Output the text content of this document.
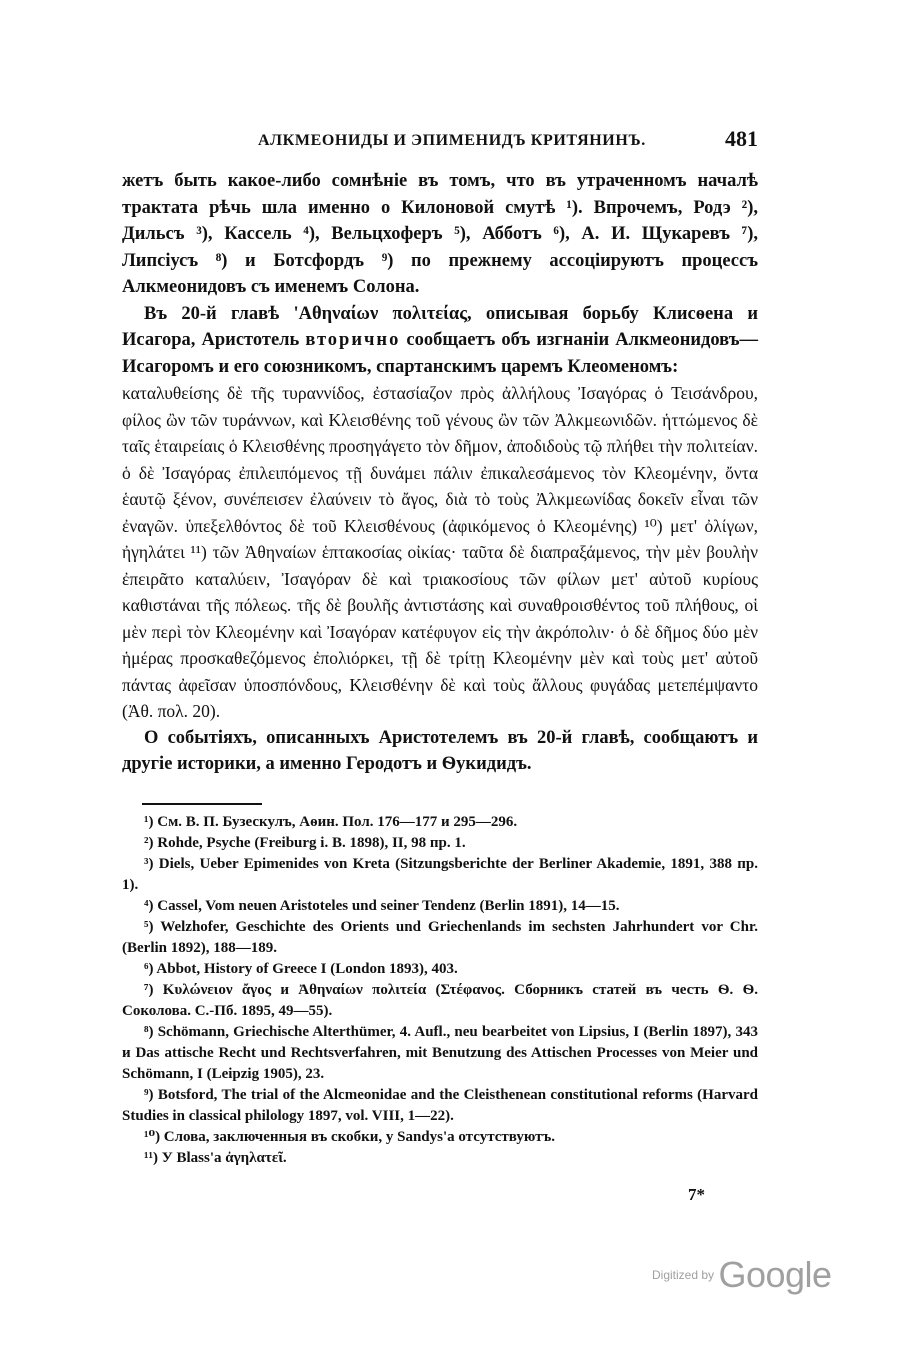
АЛКМЕОНИДЫ И ЭПИМЕНИДЪ КРИТЯНИНЪ.	481

жетъ быть какое-либо сомнѣніе въ томъ, что въ утраченномъ началѣ трактата рѣчь шла именно о Килоновой смутѣ ¹). Впрочемъ, Родэ ²), Дильсъ ³), Кассель ⁴), Вельцхоферъ ⁵), Абботъ ⁶), А. И. Щукаревъ ⁷), Липсіусъ ⁸) и Ботсфордъ ⁹) по прежнему ассоціируютъ процессъ Алкмеонидовъ съ именемъ Солона.

Въ 20-й главѣ 'Αθηναίων πολιτείας, описывая борьбу Клисѳена и Исагора, Аристотель вторично сообщаетъ объ изгнаніи Алкмеонидовъ—Исагоромъ и его союзникомъ, спартанскимъ царемъ Клеоменомъ:

καταλυθείσης δὲ τῆς τυραννίδος, ἐστασίαζον πρὸς ἀλλήλους Ἰσαγόρας ὁ Τεισάνδρου, φίλος ὢν τῶν τυράννων, καὶ Κλεισθένης τοῦ γένους ὢν τῶν Ἀλκμεωνιδῶν. ἡττώμενος δὲ ταῖς ἑταιρείαις ὁ Κλεισθένης προσηγάγετο τὸν δῆμον, ἀποδιδοὺς τῷ πλήθει τὴν πολιτείαν. ὁ δὲ Ἰσαγόρας ἐπιλειπόμενος τῇ δυνάμει πάλιν ἐπικαλεσάμενος τὸν Κλεομένην, ὄντα ἑαυτῷ ξένον, συνέπεισεν ἐλαύνειν τὸ ἄγος, διὰ τὸ τοὺς Ἀλκμεωνίδας δοκεῖν εἶναι τῶν ἐναγῶν. ὑπεξελθόντος δὲ τοῦ Κλεισθένους (ἀφικόμενος ὁ Κλεομένης) ¹⁰) μετ' ὀλίγων, ἠγηλάτει ¹¹) τῶν Ἀθηναίων ἑπτακοσίας οἰκίας· ταῦτα δὲ διαπραξάμενος, τὴν μὲν βουλὴν ἐπειρᾶτο καταλύειν, Ἰσαγόραν δὲ καὶ τριακοσίους τῶν φίλων μετ' αὐτοῦ κυρίους καθιστάναι τῆς πόλεως. τῆς δὲ βουλῆς ἀντιστάσης καὶ συναθροισθέντος τοῦ πλήθους, οἱ μὲν περὶ τὸν Κλεομένην καὶ Ἰσαγόραν κατέφυγον εἰς τὴν ἀκρόπολιν· ὁ δὲ δῆμος δύο μὲν ἡμέρας προσκαθεζόμενος ἐπολιόρκει, τῇ δὲ τρίτῃ Κλεομένην μὲν καὶ τοὺς μετ' αὐτοῦ πάντας ἀφεῖσαν ὑποσπόνδους, Κλεισθένην δὲ καὶ τοὺς ἄλλους φυγάδας μετεπέμψαντο (Ἀθ. πολ. 20).

О событіяхъ, описанныхъ Аристотелемъ въ 20-й главѣ, сообщаютъ и другіе историки, а именно Геродотъ и Ѳукидидъ.

¹) См. В. П. Бузескулъ, Аѳин. Пол. 176—177 и 295—296.

²) Rohde, Psyche (Freiburg i. B. 1898), II, 98 пр. 1.

³) Diels, Ueber Epimenides von Kreta (Sitzungsberichte der Berliner Akademie, 1891, 388 пр. 1).

⁴) Cassel, Vom neuen Aristoteles und seiner Tendenz (Berlin 1891), 14—15.

⁵) Welzhofer, Geschichte des Orients und Griechenlands im sechsten Jahrhundert vor Chr. (Berlin 1892), 188—189.

⁶) Abbot, History of Greece I (London 1893), 403.

⁷) Κυλώνειον ἄγος и Ἀθηναίων πολιτεία (Στέφανος. Сборникъ статей въ честь Ѳ. Ѳ. Соколова. С.-Пб. 1895, 49—55).

⁸) Schömann, Griechische Alterthümer, 4. Aufl., neu bearbeitet von Lipsius, I (Berlin 1897), 343 и Das attische Recht und Rechtsverfahren, mit Benutzung des Attischen Processes von Meier und Schömann, I (Leipzig 1905), 23.

⁹) Botsford, The trial of the Alcmeonidae and the Cleisthenean constitutional reforms (Harvard Studies in classical philology 1897, vol. VIII, 1—22).

¹⁰) Слова, заключенныя въ скобки, у Sandys'a отсутствуютъ.

¹¹) У Blass'a ἀγηλατεῖ.

7*
Digitized by Google
